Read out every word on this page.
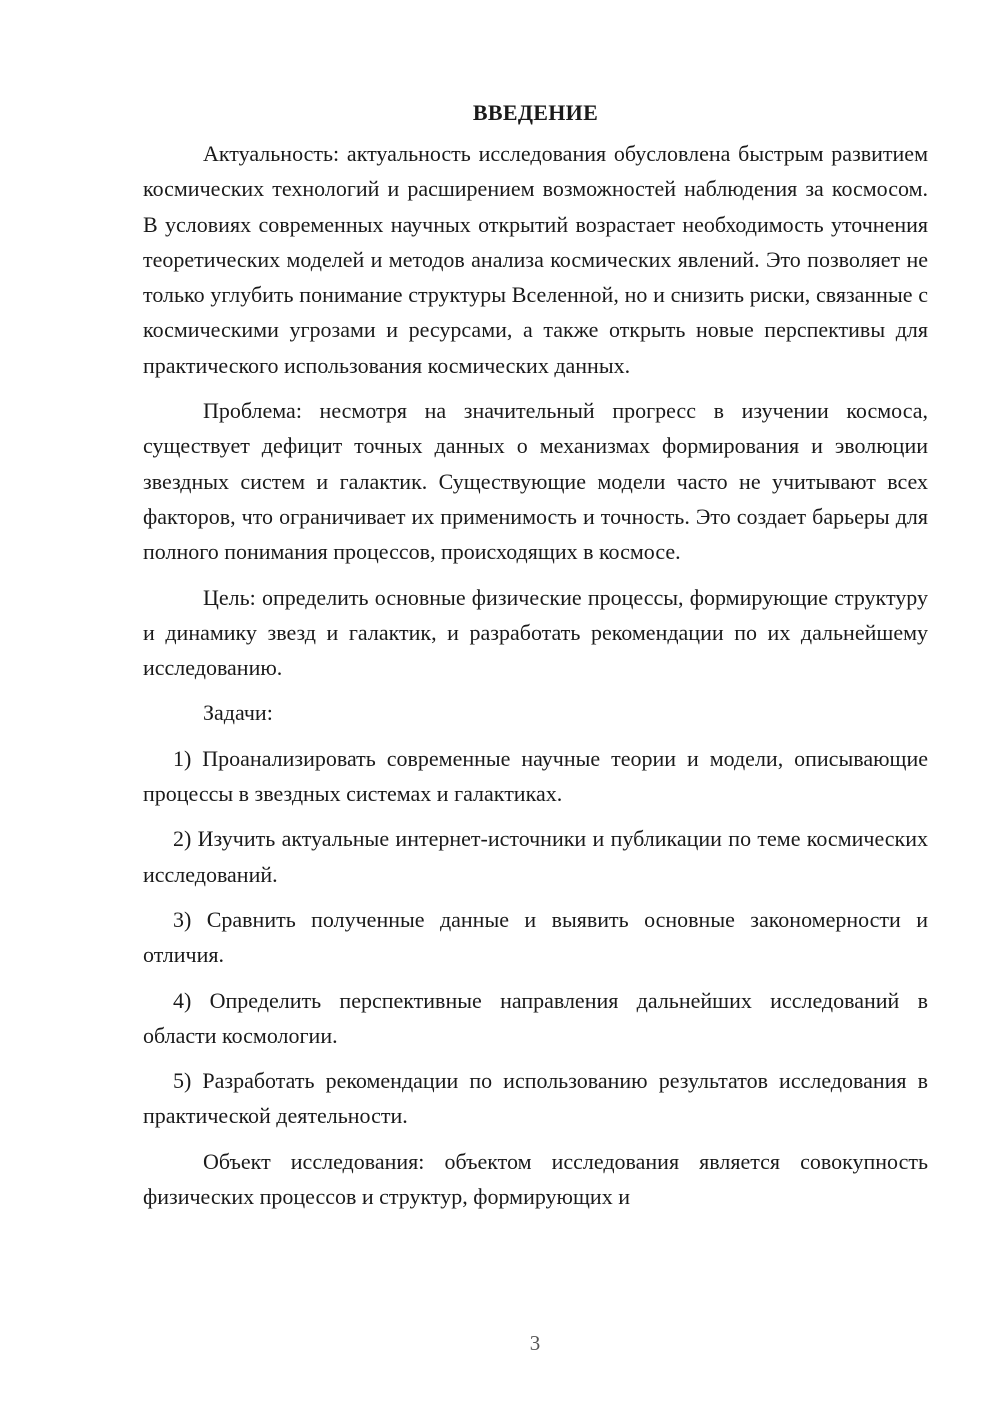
ВВЕДЕНИЕ

Актуальность: актуальность исследования обусловлена быстрым развитием космических технологий и расширением возможностей наблюдения за космосом. В условиях современных научных открытий возрастает необходимость уточнения теоретических моделей и методов анализа космических явлений. Это позволяет не только углубить понимание структуры Вселенной, но и снизить риски, связанные с космическими угрозами и ресурсами, а также открыть новые перспективы для практического использования космических данных.

Проблема: несмотря на значительный прогресс в изучении космоса, существует дефицит точных данных о механизмах формирования и эволюции звездных систем и галактик. Существующие модели часто не учитывают всех факторов, что ограничивает их применимость и точность. Это создает барьеры для полного понимания процессов, происходящих в космосе.

Цель: определить основные физические процессы, формирующие структуру и динамику звезд и галактик, и разработать рекомендации по их дальнейшему исследованию.

Задачи:

1) Проанализировать современные научные теории и модели, описывающие процессы в звездных системах и галактиках.

2) Изучить актуальные интернет-источники и публикации по теме космических исследований.

3) Сравнить полученные данные и выявить основные закономерности и отличия.

4) Определить перспективные направления дальнейших исследований в области космологии.

5) Разработать рекомендации по использованию результатов исследования в практической деятельности.

Объект исследования: объектом исследования является совокупность физических процессов и структур, формирующих и

3
